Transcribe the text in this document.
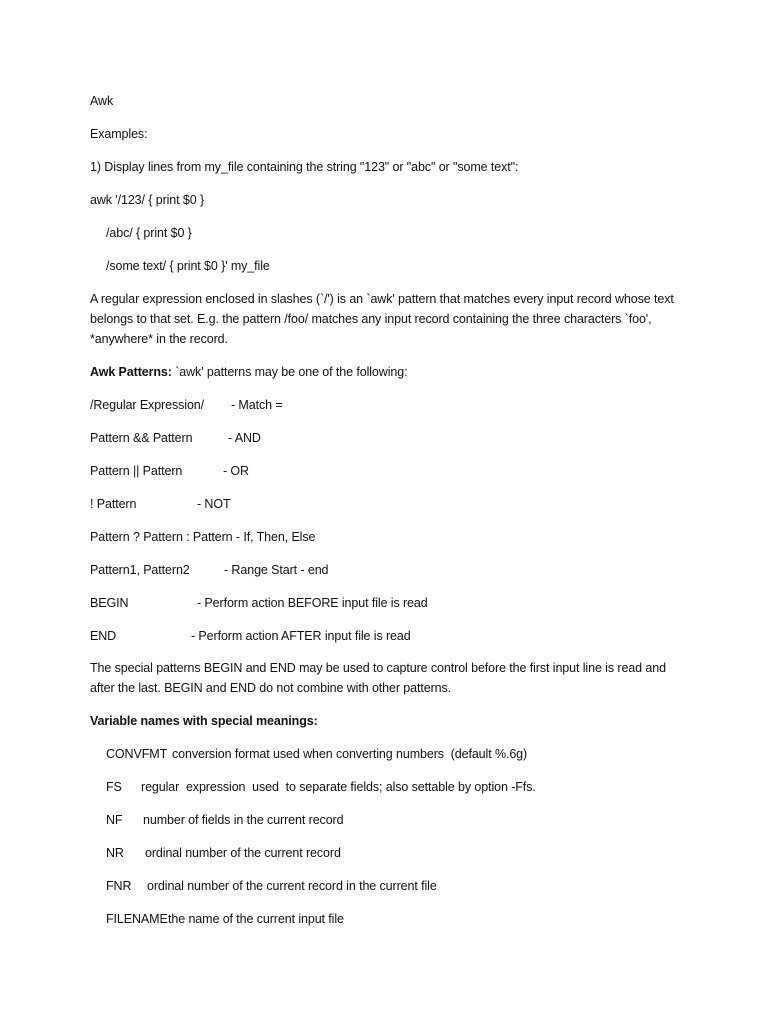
Awk
Examples:
1) Display lines from my_file containing the string "123" or "abc" or "some text":
awk '/123/ { print $0 }
/abc/ { print $0 }
/some text/ { print $0 }' my_file
A regular expression enclosed in slashes (`/') is an `awk' pattern that matches every input record whose text belongs to that set. E.g. the pattern /foo/ matches any input record containing the three characters `foo', *anywhere* in the record.
Awk Patterns: `awk' patterns may be one of the following:
/Regular Expression/ - Match =
Pattern && Pattern	- AND
Pattern || Pattern	- OR
! Pattern	- NOT
Pattern ? Pattern : Pattern - If, Then, Else
Pattern1, Pattern2	- Range Start - end
BEGIN	- Perform action BEFORE input file is read
END	- Perform action AFTER input file is read
The special patterns BEGIN and END may be used to capture control before the first input line is read and after the last. BEGIN and END do not combine with other patterns.
Variable names with special meanings:
CONVFMT conversion format used when converting numbers  (default %.6g)
FS regular  expression  used  to separate fields; also settable by option -Ffs.
NF number of fields in the current record
NR ordinal number of the current record
FNR ordinal number of the current record in the current file
FILENAMEthe name of the current input file
